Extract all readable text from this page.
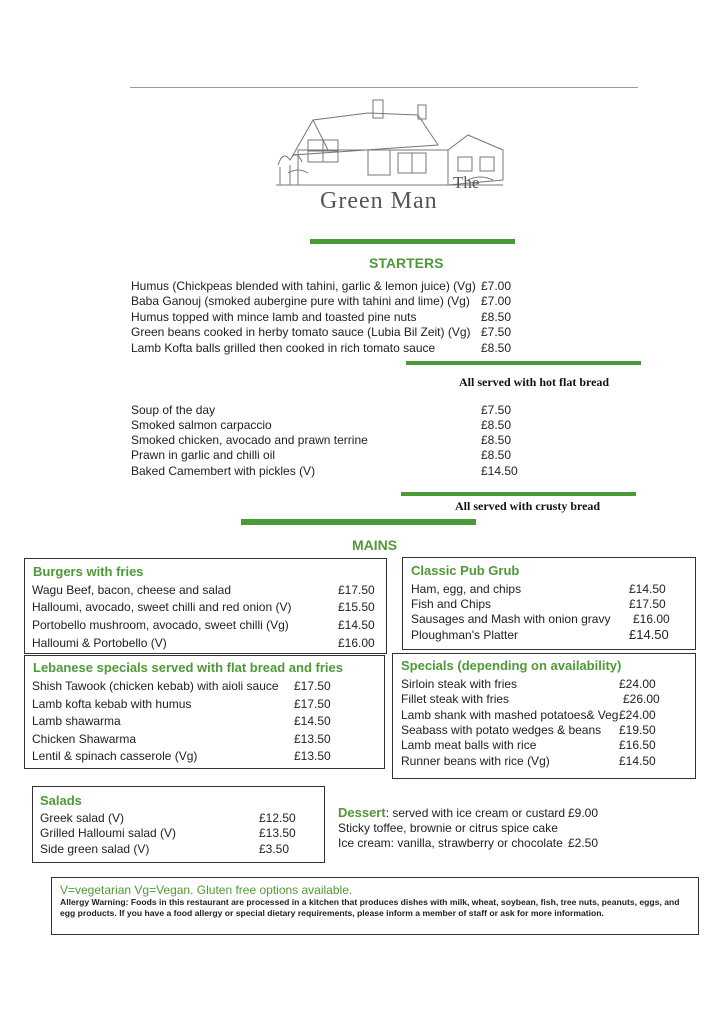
The
Green Man
STARTERS
Humus (Chickpeas blended with tahini, garlic & lemon juice) (Vg) £7.00
Baba Ganouj (smoked aubergine pure with tahini and lime) (Vg) £7.00
Humus topped with mince lamb and toasted pine nuts	£8.50
Green beans cooked in herby tomato sauce (Lubia Bil Zeit) (Vg) £7.50
Lamb Kofta balls grilled then cooked in rich tomato sauce	£8.50
All served with hot flat bread
Soup of the day	£7.50
Smoked salmon carpaccio	£8.50
Smoked chicken, avocado and prawn terrine	£8.50
Prawn in garlic and chilli oil	£8.50
Baked Camembert with pickles (V)	£14.50
All served with crusty bread
MAINS
Burgers with fries
Wagu Beef, bacon, cheese and salad	£17.50
Halloumi, avocado, sweet chilli and red onion (V)	£15.50
Portobello mushroom, avocado, sweet chilli (Vg)	£14.50
Halloumi & Portobello (V)	£16.00
Classic Pub Grub
Ham, egg, and chips	£14.50
Fish and Chips	£17.50
Sausages and Mash with onion gravy £16.00
Ploughman's Platter	£14.50
Lebanese specials served with flat bread and fries
Shish Tawook (chicken kebab) with aioli sauce £17.50
Lamb kofta kebab with humus	£17.50
Lamb shawarma	£14.50
Chicken Shawarma	£13.50
Lentil & spinach casserole (Vg)	£13.50
Specials (depending on availability)
Sirloin steak with fries	£24.00
Fillet steak with fries	£26.00
Lamb shank with mashed potatoes& Veg £24.00
Seabass with potato wedges & beans £19.50
Lamb meat balls with rice	£16.50
Runner beans with rice (Vg)	£14.50
Salads
Greek salad (V)	£12.50
Grilled Halloumi salad (V)	£13.50
Side green salad (V)	£3.50
Dessert: served with ice cream or custard £9.00
Sticky toffee, brownie or citrus spice cake
Ice cream: vanilla, strawberry or chocolate £2.50
V=vegetarian Vg=Vegan. Gluten free options available.
Allergy Warning: Foods in this restaurant are processed in a kitchen that produces dishes with milk, wheat, soybean, fish, tree nuts, peanuts, eggs, and egg products. If you have a food allergy or special dietary requirements, please inform a member of staff or ask for more information.
